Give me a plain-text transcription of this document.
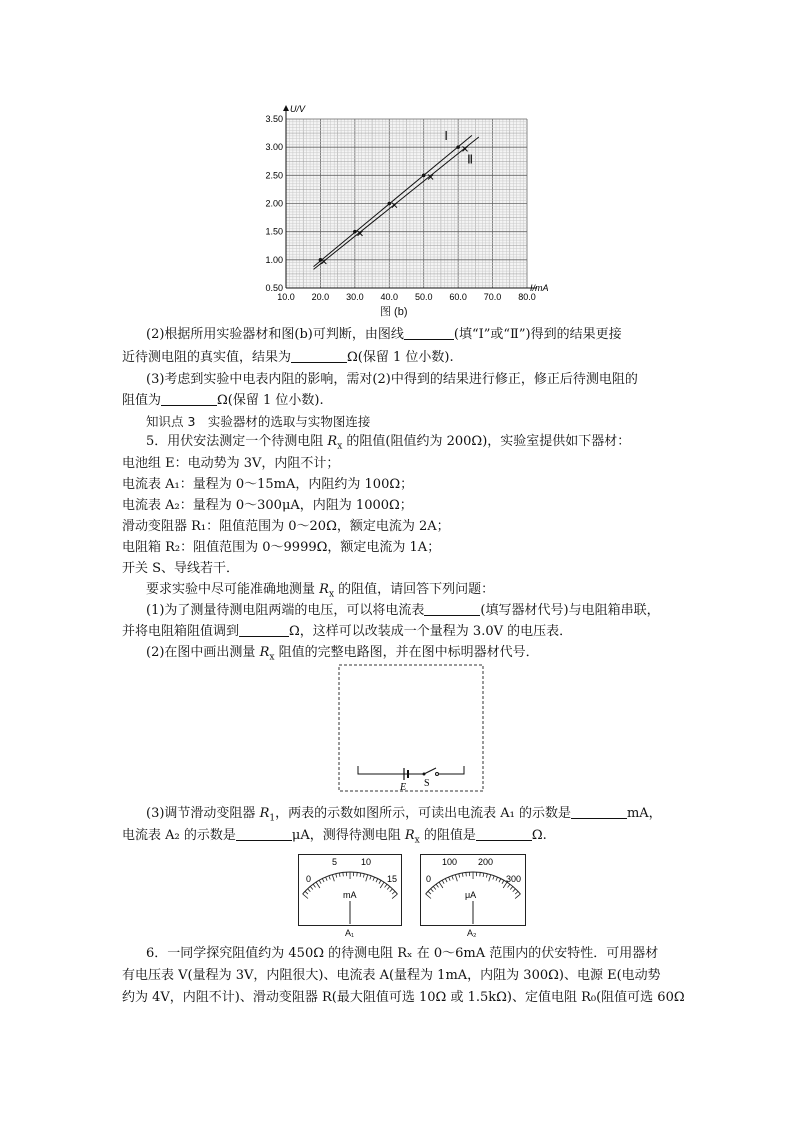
U/V
I/mA
3.50
3.00
2.50
2.00
1.50
1.00
0.50
10.0 20.0 30.0 40.0 50.0 60.0 70.0 80.0
Ⅰ
Ⅱ
图 (b)
(2)根据所用实验器材和图(b)可判断，由图线	(填“Ⅰ”或“Ⅱ”)得到的结果更接
近待测电阻的真实值，结果为	Ω(保留 1 位小数).
(3)考虑到实验中电表内阻的影响，需对(2)中得到的结果进行修正，修正后待测电阻的
阻值为	Ω(保留 1 位小数).
知识点 3　实验器材的选取与实物图连接
5．用伏安法测定一个待测电阻 $R_x$ 的阻值(阻值约为 200Ω)，实验室提供如下器材：
电池组 E：电动势为 3V，内阻不计；
电流表 A₁：量程为 0～15mA，内阻约为 100Ω；
电流表 A₂：量程为 0～300μA，内阻为 1000Ω；
滑动变阻器 R₁：阻值范围为 0～20Ω，额定电流为 2A；
电阻箱 R₂：阻值范围为 0～9999Ω，额定电流为 1A；
开关 S、导线若干．
要求实验中尽可能准确地测量 $R_x$ 的阻值，请回答下列问题：
(1)为了测量待测电阻两端的电压，可以将电流表	(填写器材代号)与电阻箱串联，
并将电阻箱阻值调到	Ω，这样可以改装成一个量程为 3.0V 的电压表．
(2)在图中画出测量 $R_x$ 阻值的完整电路图，并在图中标明器材代号．
E S
(3)调节滑动变阻器 $R_1$，两表的示数如图所示，可读出电流表 A₁ 的示数是	mA，
电流表 A₂ 的示数是	μA，测得待测电阻 $R_x$ 的阻值是	Ω.
0
5	10
15
mA
A₁
0
100 200
300
μA
A₂
6．一同学探究阻值约为 450Ω 的待测电阻 Rₓ 在 0～6mA 范围内的伏安特性．可用器材
有电压表 V(量程为 3V，内阻很大)、电流表 A(量程为 1mA，内阻为 300Ω)、电源 E(电动势
约为 4V，内阻不计)、滑动变阻器 R(最大阻值可选 10Ω 或 1.5kΩ)、定值电阻 R₀(阻值可选 60Ω
